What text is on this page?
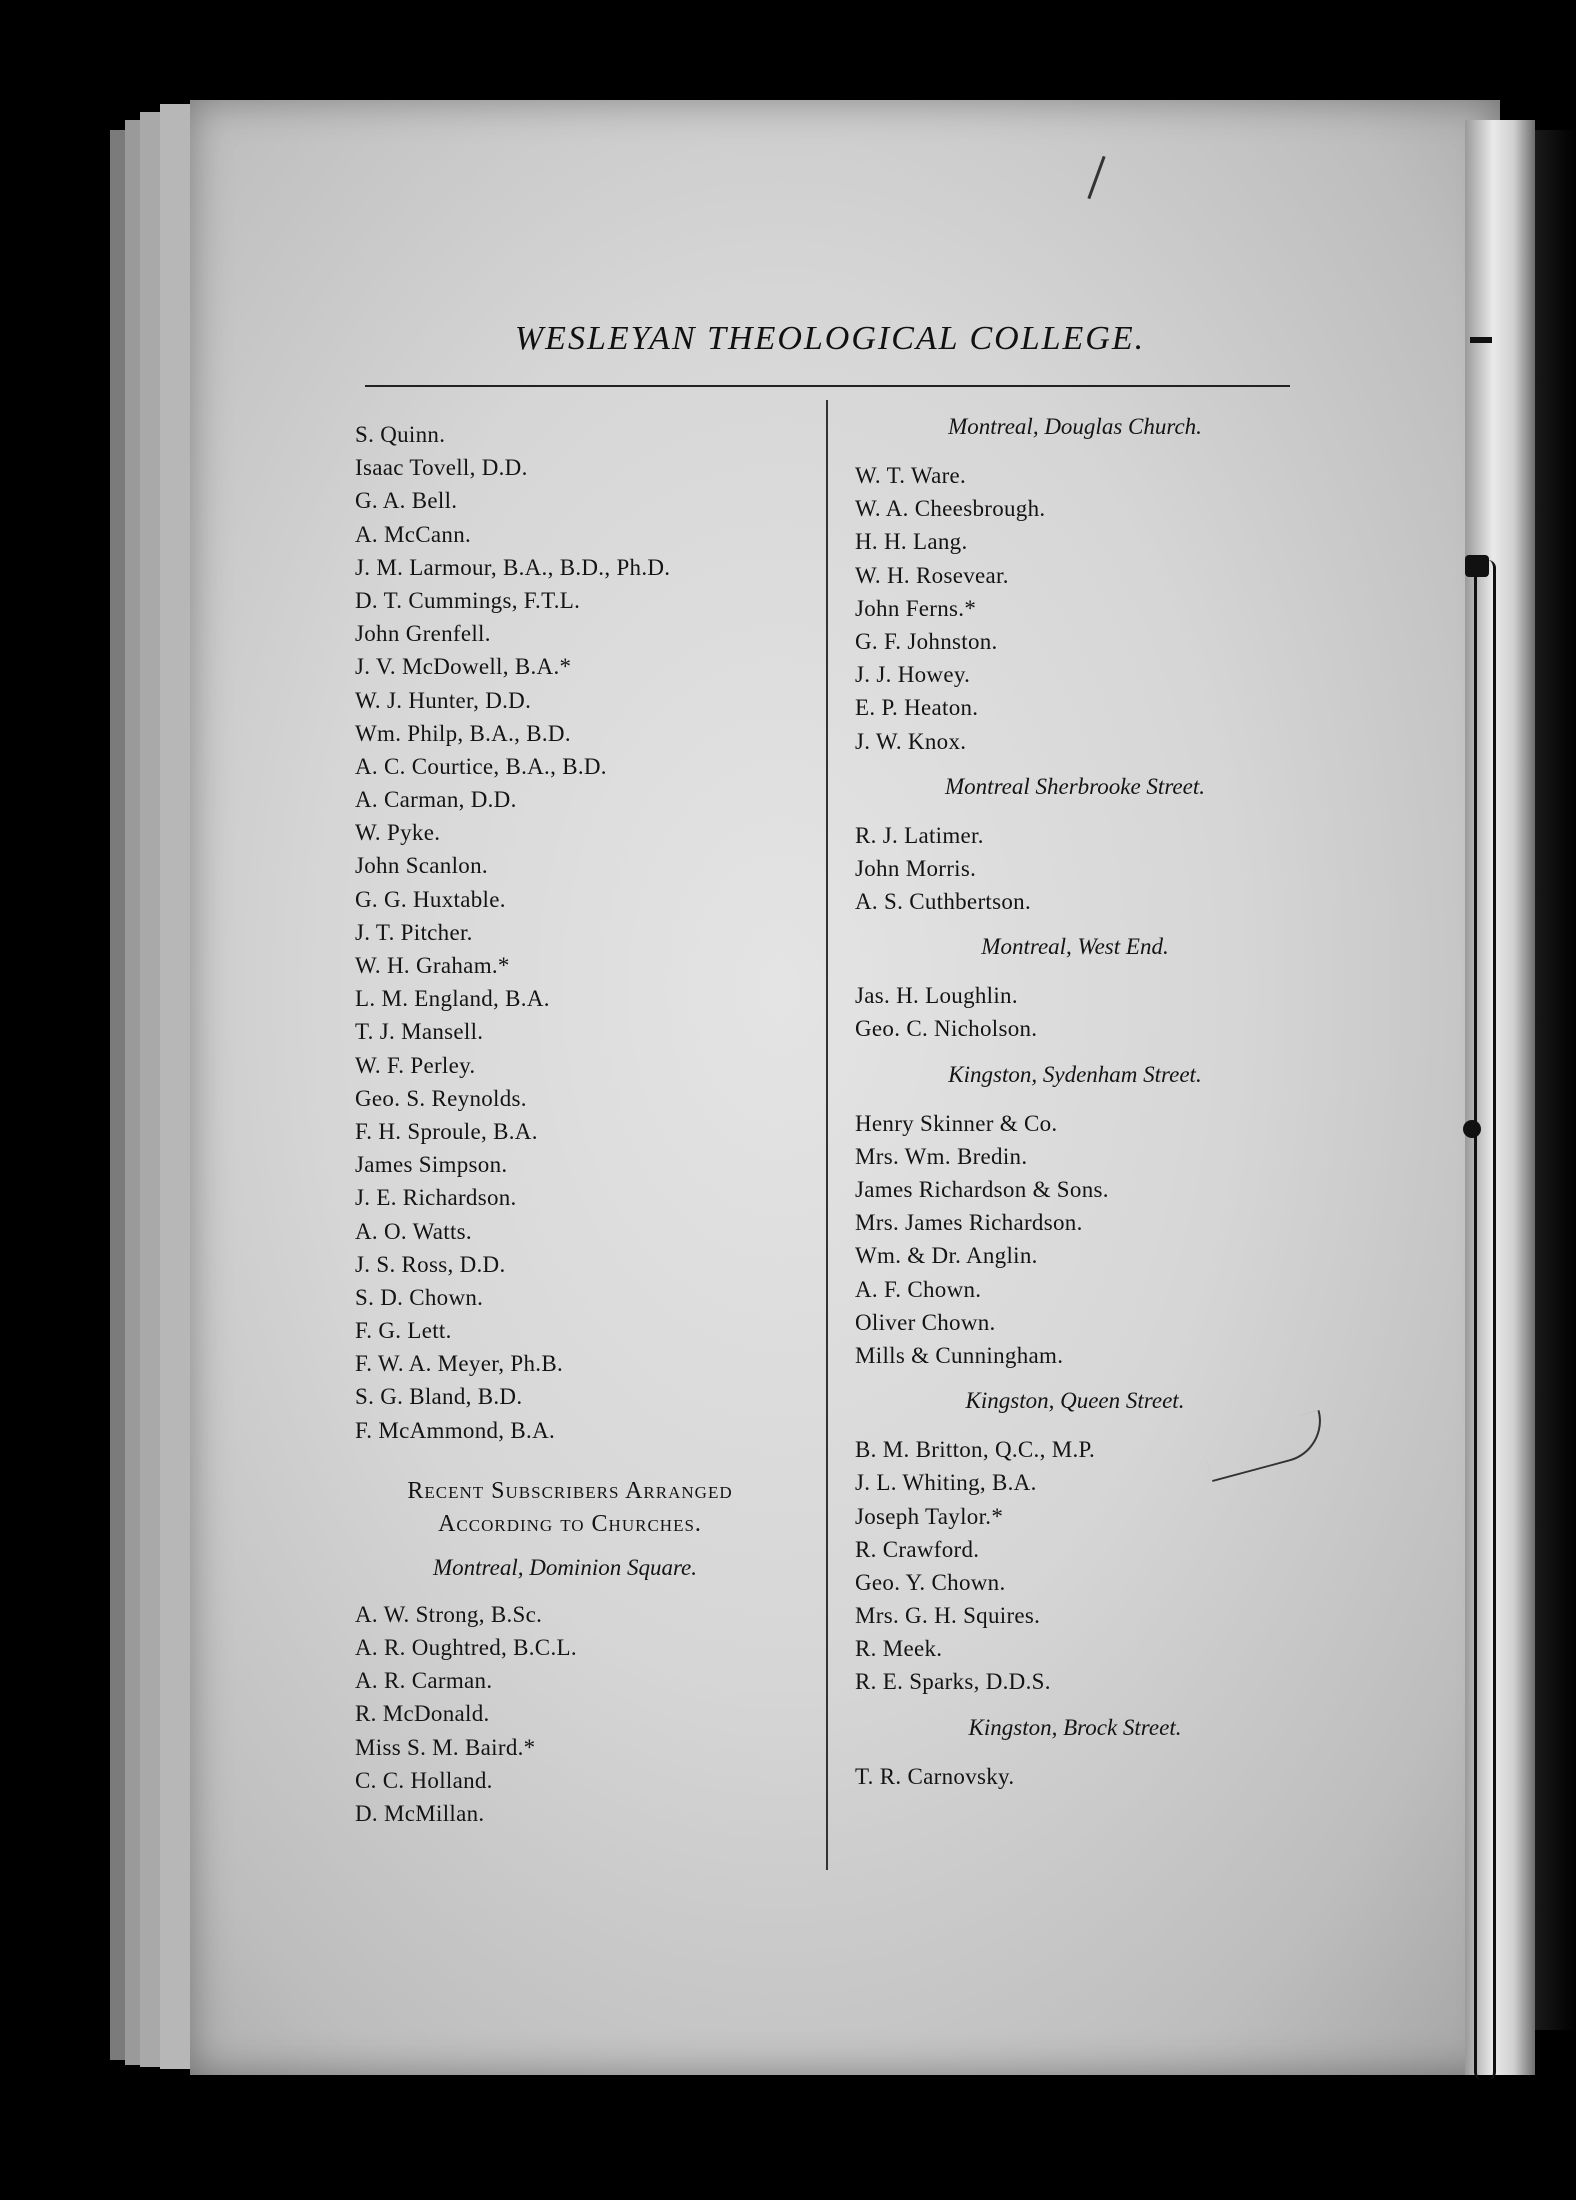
WESLEYAN THEOLOGICAL COLLEGE.
S. Quinn.
Isaac Tovell, D.D.
G. A. Bell.
A. McCann.
J. M. Larmour, B.A., B.D., Ph.D.
D. T. Cummings, F.T.L.
John Grenfell.
J. V. McDowell, B.A.*
W. J. Hunter, D.D.
Wm. Philp, B.A., B.D.
A. C. Courtice, B.A., B.D.
A. Carman, D.D.
W. Pyke.
John Scanlon.
G. G. Huxtable.
J. T. Pitcher.
W. H. Graham.*
L. M. England, B.A.
T. J. Mansell.
W. F. Perley.
Geo. S. Reynolds.
F. H. Sproule, B.A.
James Simpson.
J. E. Richardson.
A. O. Watts.
J. S. Ross, D.D.
S. D. Chown.
F. G. Lett.
F. W. A. Meyer, Ph.B.
S. G. Bland, B.D.
F. McAmmond, B.A.
Recent Subscribers Arranged
According to Churches.
Montreal, Dominion Square.
A. W. Strong, B.Sc.
A. R. Oughtred, B.C.L.
A. R. Carman.
R. McDonald.
Miss S. M. Baird.*
C. C. Holland.
D. McMillan.
Montreal, Douglas Church.
W. T. Ware.
W. A. Cheesbrough.
H. H. Lang.
W. H. Rosevear.
John Ferns.*
G. F. Johnston.
J. J. Howey.
E. P. Heaton.
J. W. Knox.
Montreal Sherbrooke Street.
R. J. Latimer.
John Morris.
A. S. Cuthbertson.
Montreal, West End.
Jas. H. Loughlin.
Geo. C. Nicholson.
Kingston, Sydenham Street.
Henry Skinner & Co.
Mrs. Wm. Bredin.
James Richardson & Sons.
Mrs. James Richardson.
Wm. & Dr. Anglin.
A. F. Chown.
Oliver Chown.
Mills & Cunningham.
Kingston, Queen Street.
B. M. Britton, Q.C., M.P.
J. L. Whiting, B.A.
Joseph Taylor.*
R. Crawford.
Geo. Y. Chown.
Mrs. G. H. Squires.
R. Meek.
R. E. Sparks, D.D.S.
Kingston, Brock Street.
T. R. Carnovsky.
